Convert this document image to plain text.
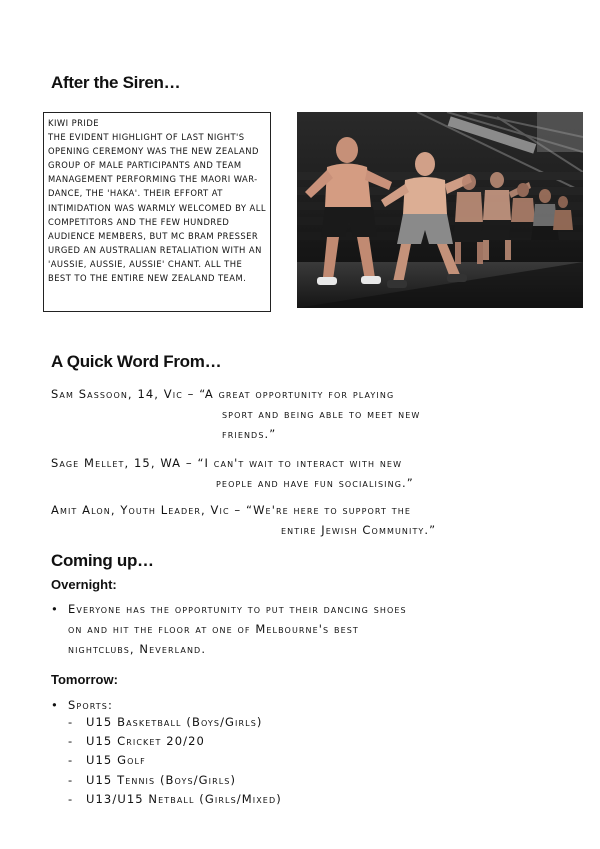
After the Siren…

KIWI PRIDE

THE EVIDENT HIGHLIGHT OF LAST NIGHT'S OPENING CEREMONY WAS THE NEW ZEALAND GROUP OF MALE PARTICIPANTS AND TEAM MANAGEMENT PERFORMING THE MAORI WAR-DANCE, THE 'HAKA'. THEIR EFFORT AT INTIMIDATION WAS WARMLY WELCOMED BY ALL COMPETITORS AND THE FEW HUNDRED AUDIENCE MEMBERS, BUT MC BRAM PRESSER URGED AN AUSTRALIAN RETALIATION WITH AN 'AUSSIE, AUSSIE, AUSSIE' CHANT. ALL THE BEST TO THE ENTIRE NEW ZEALAND TEAM.

A Quick Word From…
Sam Sassoon, 14, Vic – “A great opportunity for playing
sport and being able to meet new
friends.”
Sage Mellet, 15, WA – “I can't wait to interact with new
people and have fun socialising.”
Amit Alon, Youth Leader, Vic – “We're here to support the
entire Jewish Community.”
Coming up…
Overnight:
• Everyone has the opportunity to put their dancing shoes
on and hit the floor at one of Melbourne's best
nightclubs, Neverland.
Tomorrow:
• Sports:
- U15 Basketball (Boys/Girls)
- U15 Cricket 20/20
- U15 Golf
- U15 Tennis (Boys/Girls)
- U13/U15 Netball (Girls/Mixed)
